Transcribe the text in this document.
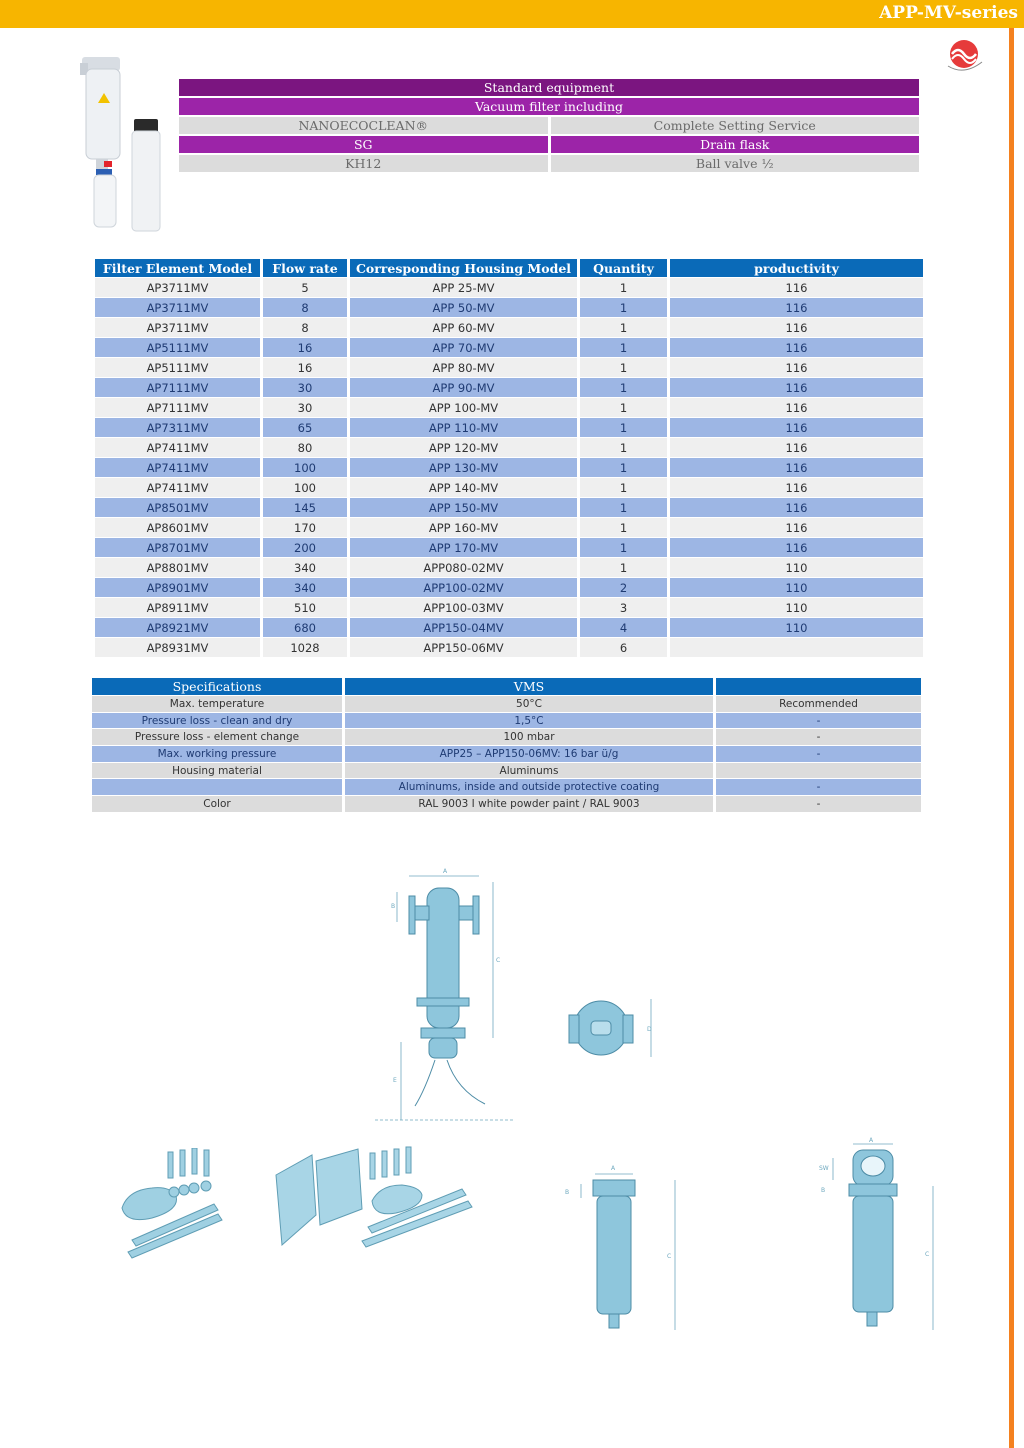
APP-MV-series
Standard equipment
Vacuum filter including
NANOECOCLEAN®	Complete Setting Service
SG	Drain flask
KH12	Ball valve ½
Filter Element Model	Flow rate	Corresponding Housing Model	Quantity	productivity
AP3711MV	5	APP 25-MV	1	116
AP3711MV	8	APP 50-MV	1	116
AP3711MV	8	APP 60-MV	1	116
AP5111MV	16	APP 70-MV	1	116
AP5111MV	16	APP 80-MV	1	116
AP7111MV	30	APP 90-MV	1	116
AP7111MV	30	APP 100-MV	1	116
AP7311MV	65	APP 110-MV	1	116
AP7411MV	80	APP 120-MV	1	116
AP7411MV	100	APP 130-MV	1	116
AP7411MV	100	APP 140-MV	1	116
AP8501MV	145	APP 150-MV	1	116
AP8601MV	170	APP 160-MV	1	116
AP8701MV	200	APP 170-MV	1	116
AP8801MV	340	APP080-02MV	1	110
AP8901MV	340	APP100-02MV	2	110
AP8911MV	510	APP100-03MV	3	110
AP8921MV	680	APP150-04MV	4	110
AP8931MV	1028	APP150-06MV	6	
Specifications	VMS	
Max. temperature	50°C	Recommended
Pressure loss - clean and dry	1,5°C	-
Pressure loss - element change	100 mbar	-
Max. working pressure	APP25 – APP150-06MV: 16 bar ü/g	-
Housing material	Aluminums	
	Aluminums, inside and outside protective coating	-
Color	RAL 9003 I white powder paint / RAL 9003	-
A
C
B
E
D
A
C
B
A
C
SW
B
